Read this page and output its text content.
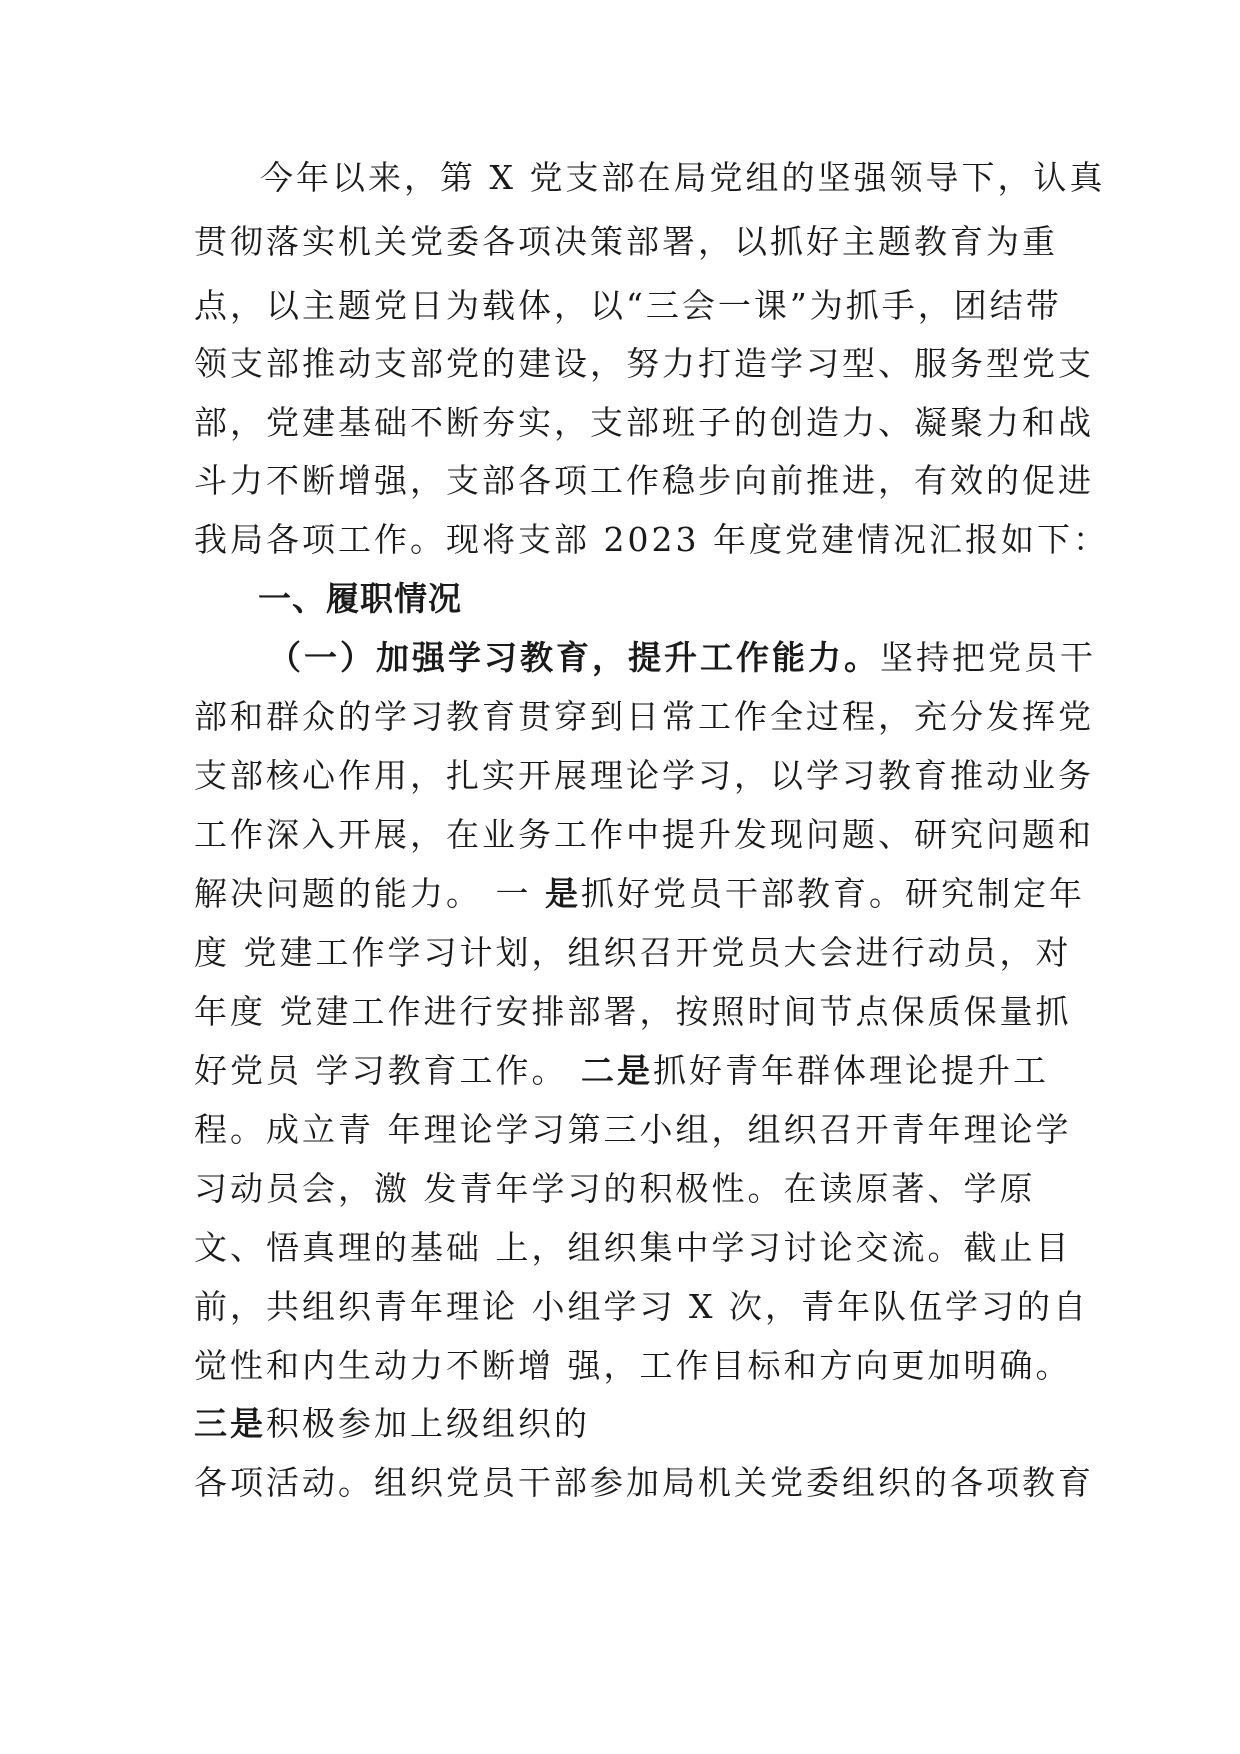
今年以来，第 X 党支部在局党组的坚强领导下，认真
贯彻落实机关党委各项决策部署，以抓好主题教育为重
点，以主题党日为载体，以“三会一课”为抓手，团结带
领支部推动支部党的建设，努力打造学习型、服务型党支
部，党建基础不断夯实，支部班子的创造力、凝聚力和战
斗力不断增强，支部各项工作稳步向前推进，有效的促进
我局各项工作。现将支部 2023 年度党建情况汇报如下：
一、履职情况
（一）加强学习教育，提升工作能力。坚持把党员干
部和群众的学习教育贯穿到日常工作全过程，充分发挥党
支部核心作用，扎实开展理论学习，以学习教育推动业务
工作深入开展，在业务工作中提升发现问题、研究问题和
解决问题的能力。 一 是抓好党员干部教育。研究制定年
度 党建工作学习计划，组织召开党员大会进行动员，对
年度 党建工作进行安排部署，按照时间节点保质保量抓
好党员 学习教育工作。 二是抓好青年群体理论提升工
程。成立青 年理论学习第三小组，组织召开青年理论学
习动员会，激 发青年学习的积极性。在读原著、学原
文、悟真理的基础 上，组织集中学习讨论交流。截止目
前，共组织青年理论 小组学习 X 次，青年队伍学习的自
觉性和内生动力不断增 强，工作目标和方向更加明确。
三是积极参加上级组织的
各项活动。组织党员干部参加局机关党委组织的各项教育
